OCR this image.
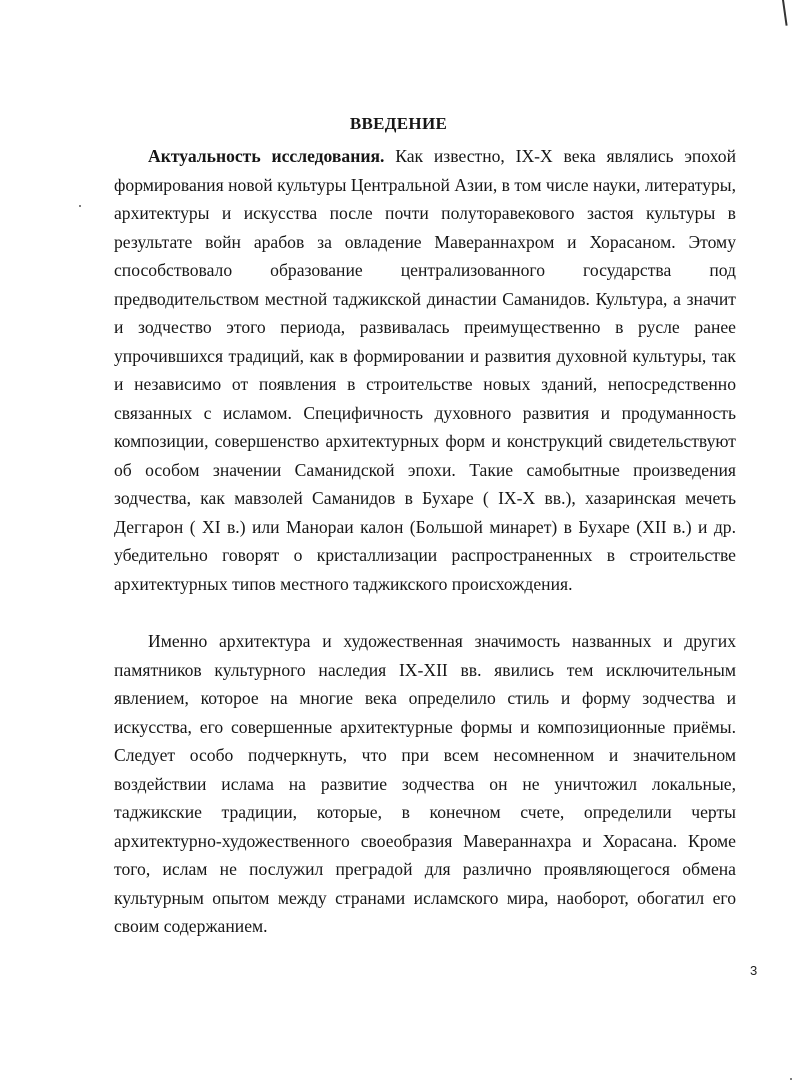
ВВЕДЕНИЕ

Актуальность исследования. Как известно, IX-X века являлись эпохой формирования новой культуры Центральной Азии, в том числе науки, литературы, архитектуры и искусства после почти полуторавекового застоя культуры в результате войн арабов за овладение Мавераннахром и Хорасаном. Этому способствовало образование централизованного государства под предводительством местной таджикской династии Саманидов. Культура, а значит и зодчество этого периода, развивалась преимущественно в русле ранее упрочившихся традиций, как в формировании и развития духовной культуры, так и независимо от появления в строительстве новых зданий, непосредственно связанных с исламом. Специфичность духовного развития и продуманность композиции, совершенство архитектурных форм и конструкций свидетельствуют об особом значении Саманидской эпохи. Такие самобытные произведения зодчества, как мавзолей Саманидов в Бухаре ( IX-X вв.), хазаринская мечеть Деггарон ( XI в.) или Манораи калон (Большой минарет) в Бухаре (XII в.) и др. убедительно говорят о кристаллизации распространенных в строительстве архитектурных типов местного таджикского происхождения.

Именно архитектура и художественная значимость названных и других памятников культурного наследия IX-XII вв. явились тем исключительным явлением, которое на многие века определило стиль и форму зодчества и искусства, его совершенные архитектурные формы и композиционные приёмы. Следует особо подчеркнуть, что при всем несомненном и значительном воздействии ислама на развитие зодчества он не уничтожил локальные, таджикские традиции, которые, в конечном счете, определили черты архитектурно-художественного своеобразия Мавераннахра и Хорасана. Кроме того, ислам не послужил преградой для различно проявляющегося обмена культурным опытом между странами исламского мира, наоборот, обогатил его своим содержанием.

3
